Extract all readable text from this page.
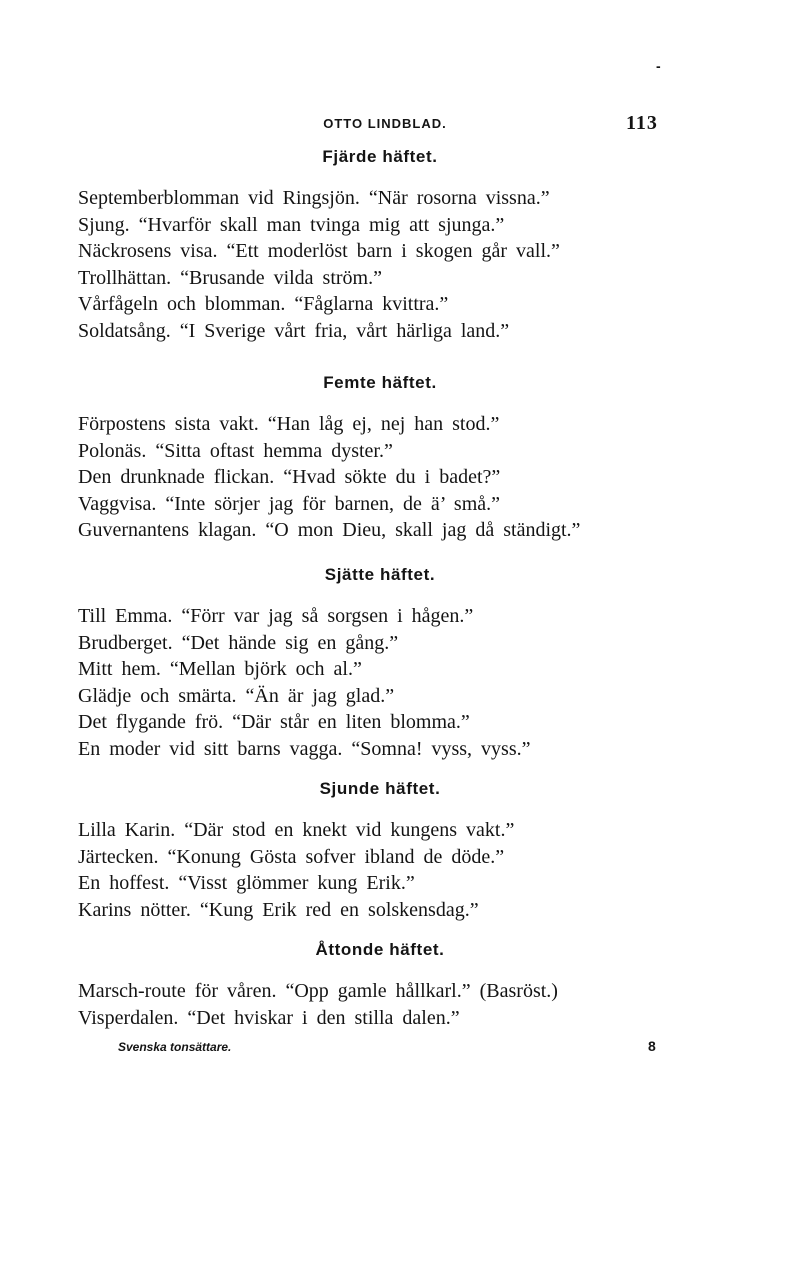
-
OTTO LINDBLAD.	113
Fjärde häftet.
Septemberblomman vid Ringsjön. “När rosorna vissna.”
Sjung. “Hvarför skall man tvinga mig att sjunga.”
Näckrosens visa. “Ett moderlöst barn i skogen går vall.”
Trollhättan. “Brusande vilda ström.”
Vårfågeln och blomman. “Fåglarna kvittra.”
Soldatsång. “I Sverige vårt fria, vårt härliga land.”
Femte häftet.
Förpostens sista vakt. “Han låg ej, nej han stod.”
Polonäs. “Sitta oftast hemma dyster.”
Den drunknade flickan. “Hvad sökte du i badet?”
Vaggvisa. “Inte sörjer jag för barnen, de ä’ små.”
Guvernantens klagan. “O mon Dieu, skall jag då ständigt.”
Sjätte häftet.
Till Emma. “Förr var jag så sorgsen i hågen.”
Brudberget. “Det hände sig en gång.”
Mitt hem. “Mellan björk och al.”
Glädje och smärta. “Än är jag glad.”
Det flygande frö. “Där står en liten blomma.”
En moder vid sitt barns vagga. “Somna! vyss, vyss.”
Sjunde häftet.
Lilla Karin. “Där stod en knekt vid kungens vakt.”
Järtecken. “Konung Gösta sofver ibland de döde.”
En hoffest. “Visst glömmer kung Erik.”
Karins nötter. “Kung Erik red en solskensdag.”
Åttonde häftet.
Marsch-route för våren. “Opp gamle hållkarl.” (Basröst.)
Visperdalen. “Det hviskar i den stilla dalen.”
Svenska tonsättare.	8
